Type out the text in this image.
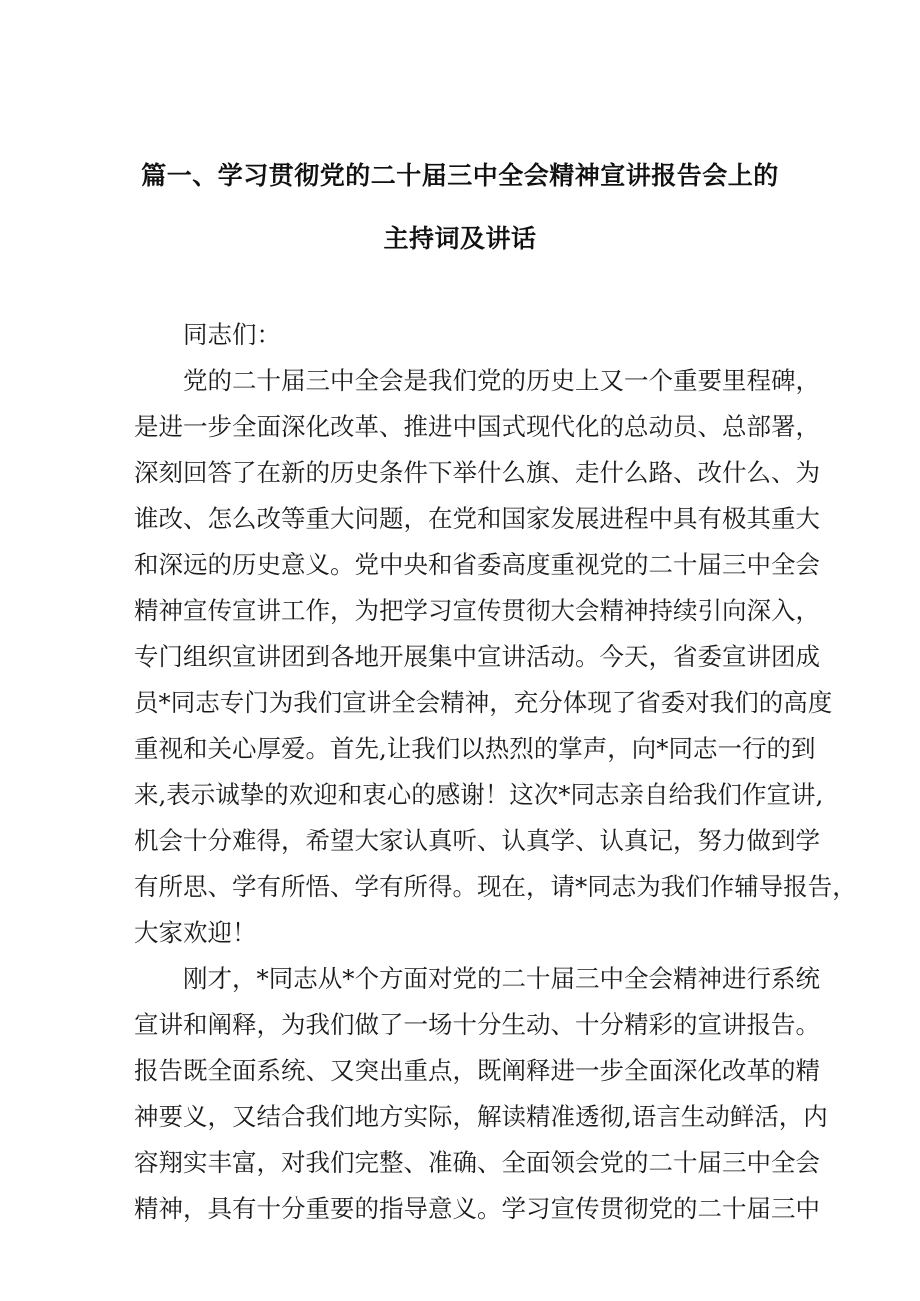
篇一、学习贯彻党的二十届三中全会精神宣讲报告会上的
主持词及讲话
同志们：
党的二十届三中全会是我们党的历史上又一个重要里程碑，
是进一步全面深化改革、推进中国式现代化的总动员、总部署，
深刻回答了在新的历史条件下举什么旗、走什么路、改什么、为
谁改、怎么改等重大问题，在党和国家发展进程中具有极其重大
和深远的历史意义。党中央和省委高度重视党的二十届三中全会
精神宣传宣讲工作，为把学习宣传贯彻大会精神持续引向深入，
专门组织宣讲团到各地开展集中宣讲活动。今天，省委宣讲团成
员*同志专门为我们宣讲全会精神，充分体现了省委对我们的高度
重视和关心厚爱。首先,让我们以热烈的掌声，向*同志一行的到
来,表示诚挚的欢迎和衷心的感谢！这次*同志亲自给我们作宣讲,
机会十分难得，希望大家认真听、认真学、认真记，努力做到学
有所思、学有所悟、学有所得。现在，请*同志为我们作辅导报告，
大家欢迎！
刚才，*同志从*个方面对党的二十届三中全会精神进行系统
宣讲和阐释，为我们做了一场十分生动、十分精彩的宣讲报告。
报告既全面系统、又突出重点，既阐释进一步全面深化改革的精
神要义，又结合我们地方实际，解读精准透彻,语言生动鲜活，内
容翔实丰富，对我们完整、准确、全面领会党的二十届三中全会
精神，具有十分重要的指导意义。学习宣传贯彻党的二十届三中
